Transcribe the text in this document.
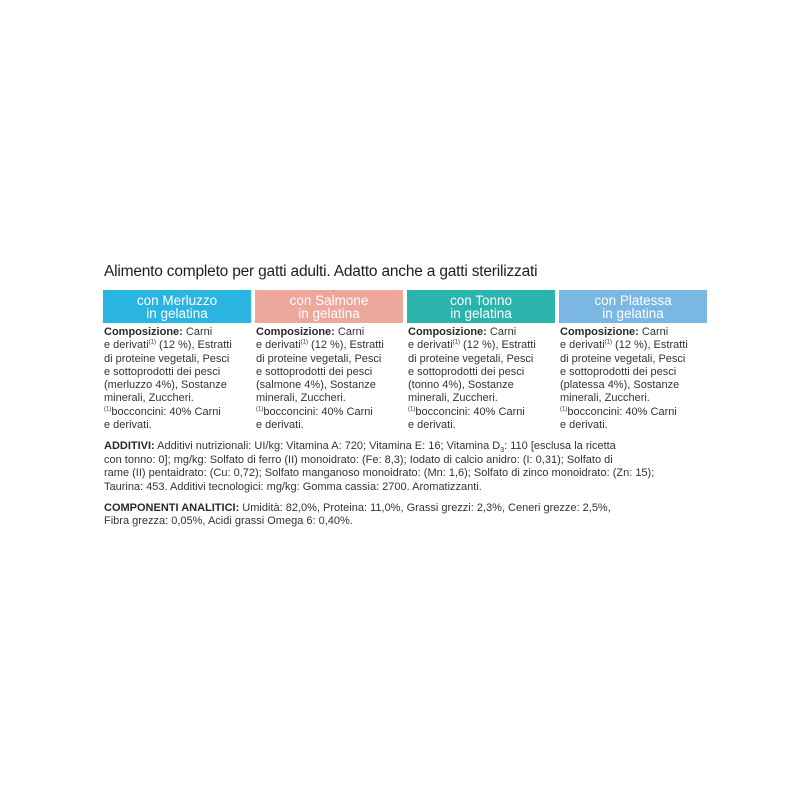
Alimento completo per gatti adulti. Adatto anche a gatti sterilizzati
con Merluzzo
in gelatina

Composizione: Carni

e derivati$^{(1)}$ (12 %), Estratti

di proteine vegetali, Pesci

e sottoprodotti dei pesci

(merluzzo 4%), Sostanze

minerali, Zuccheri.

$^{(1)}$bocconcini: 40% Carni

e derivati.

con Salmone
in gelatina

Composizione: Carni

e derivati$^{(1)}$ (12 %), Estratti

di proteine vegetali, Pesci

e sottoprodotti dei pesci

(salmone 4%), Sostanze

minerali, Zuccheri.

$^{(1)}$bocconcini: 40% Carni

e derivati.

con Tonno
in gelatina

Composizione: Carni

e derivati$^{(1)}$ (12 %), Estratti

di proteine vegetali, Pesci

e sottoprodotti dei pesci

(tonno 4%), Sostanze

minerali, Zuccheri.

$^{(1)}$bocconcini: 40% Carni

e derivati.

con Platessa
in gelatina

Composizione: Carni

e derivati$^{(1)}$ (12 %), Estratti

di proteine vegetali, Pesci

e sottoprodotti dei pesci

(platessa 4%), Sostanze

minerali, Zuccheri.

$^{(1)}$bocconcini: 40% Carni

e derivati.

ADDITIVI: Additivi nutrizionali: UI/kg: Vitamina A: 720; Vitamina E: 16; Vitamina $D_3$: 110 [esclusa la ricetta

con tonno: 0]; mg/kg: Solfato di ferro (II) monoidrato: (Fe: 8,3); Iodato di calcio anidro: (I: 0,31); Solfato di

rame (II) pentaidrato: (Cu: 0,72); Solfato manganoso monoidrato: (Mn: 1,6); Solfato di zinco monoidrato: (Zn: 15);

Taurina: 453. Additivi tecnologici: mg/kg: Gomma cassia: 2700. Aromatizzanti.

COMPONENTI ANALITICI: Umidità: 82,0%, Proteina: 11,0%, Grassi grezzi: 2,3%, Ceneri grezze: 2,5%,

Fibra grezza: 0,05%, Acidi grassi Omega 6: 0,40%.
